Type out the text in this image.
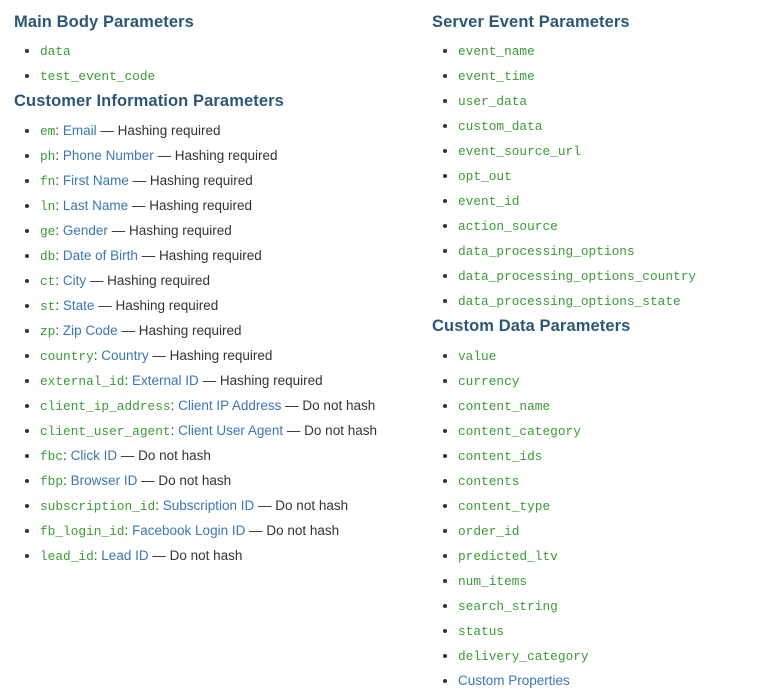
Main Body Parameters
data
test_event_code
Customer Information Parameters
em: Email — Hashing required
ph: Phone Number — Hashing required
fn: First Name — Hashing required
ln: Last Name — Hashing required
ge: Gender — Hashing required
db: Date of Birth — Hashing required
ct: City — Hashing required
st: State — Hashing required
zp: Zip Code — Hashing required
country: Country — Hashing required
external_id: External ID — Hashing required
client_ip_address: Client IP Address — Do not hash
client_user_agent: Client User Agent — Do not hash
fbc: Click ID — Do not hash
fbp: Browser ID — Do not hash
subscription_id: Subscription ID — Do not hash
fb_login_id: Facebook Login ID — Do not hash
lead_id: Lead ID — Do not hash
Server Event Parameters
event_name
event_time
user_data
custom_data
event_source_url
opt_out
event_id
action_source
data_processing_options
data_processing_options_country
data_processing_options_state
Custom Data Parameters
value
currency
content_name
content_category
content_ids
contents
content_type
order_id
predicted_ltv
num_items
search_string
status
delivery_category
Custom Properties
